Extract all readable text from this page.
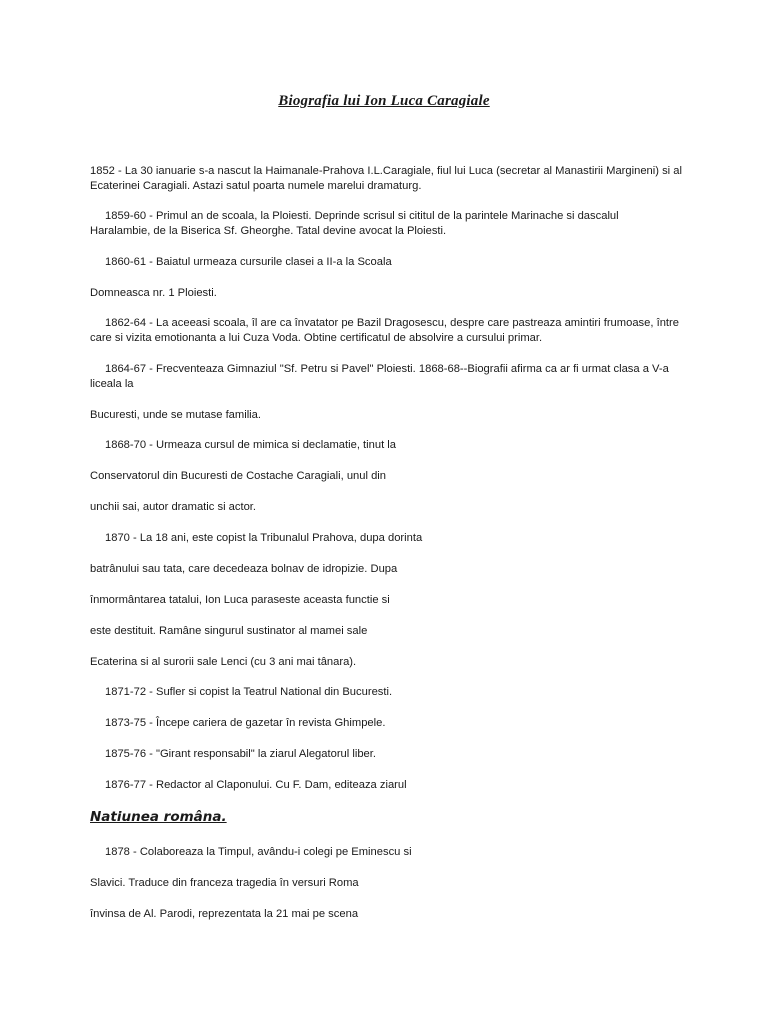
Biografia lui Ion Luca Caragiale
1852 - La 30 ianuarie s-a nascut la Haimanale-Prahova I.L.Caragiale, fiul lui Luca (secretar al Manastirii Margineni) si al Ecaterinei Caragiali. Astazi satul poarta numele marelui dramaturg.
1859-60 - Primul an de scoala, la Ploiesti. Deprinde scrisul si cititul de la parintele Marinache si dascalul Haralambie, de la Biserica Sf. Gheorghe. Tatal devine avocat la Ploiesti.
1860-61 - Baiatul urmeaza cursurile clasei a II-a la Scoala
Domneasca nr. 1 Ploiesti.
1862-64 - La aceeasi scoala, îl are ca învatator pe Bazil Dragosescu, despre care pastreaza amintiri frumoase, între care si vizita emotionanta a lui Cuza Voda. Obtine certificatul de absolvire a cursului primar.
1864-67 - Frecventeaza Gimnaziul "Sf. Petru si Pavel" Ploiesti. 1868-68--Biografii afirma ca ar fi urmat clasa a V-a liceala la
Bucuresti, unde se mutase familia.
1868-70 - Urmeaza cursul de mimica si declamatie, tinut la
Conservatorul din Bucuresti de Costache Caragiali, unul din
unchii sai, autor dramatic si actor.
1870 - La 18 ani, este copist la Tribunalul Prahova, dupa dorinta
batrânului sau tata, care decedeaza bolnav de idropizie. Dupa
înmormântarea tatalui, Ion Luca paraseste aceasta functie si
este destituit. Ramâne singurul sustinator al mamei sale
Ecaterina si al surorii sale Lenci (cu 3 ani mai tânara).
1871-72 - Sufler si copist la Teatrul National din Bucuresti.
1873-75 - Începe cariera de gazetar în revista Ghimpele.
1875-76 - "Girant responsabil" la ziarul Alegatorul liber.
1876-77 - Redactor al Claponului. Cu F. Dam, editeaza ziarul
Natiunea româna.
1878 - Colaboreaza la Timpul, avându-i colegi pe Eminescu si
Slavici. Traduce din franceza tragedia în versuri Roma
învinsa de Al. Parodi, reprezentata la 21 mai pe scena
